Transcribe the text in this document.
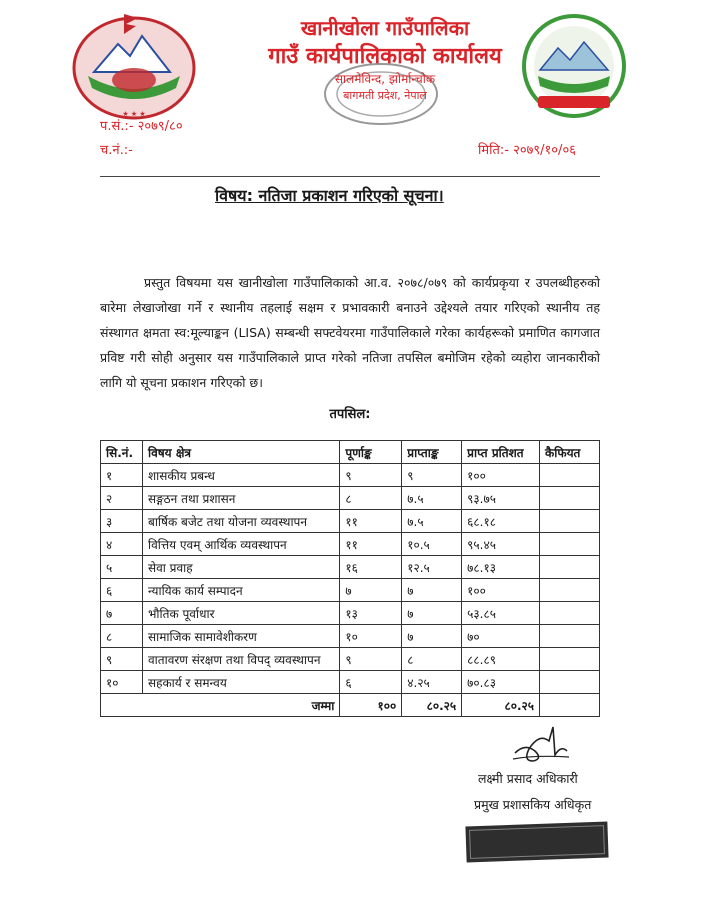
★ ★ ★
खानीखोला गाउँपालिका
गाउँ कार्यपालिकाको कार्यालय
सालमेविन्द, झोर्मान्चोक
बागमती प्रदेश, नेपाल
प.सं.:- २०७९/८०
च.नं.:-	मिति:- २०७९/१०/०६
विषय: नतिजा प्रकाशन गरिएको सूचना।
प्रस्तुत विषयमा यस खानीखोला गाउँपालिकाको आ.व. २०७८/०७९ को कार्यप्रकृया र उपलब्धीहरुको बारेमा लेखाजोखा गर्ने र स्थानीय तहलाई सक्षम र प्रभावकारी बनाउने उद्देश्यले तयार गरिएको स्थानीय तह संस्थागत क्षमता स्व:मूल्याङ्कन (LISA) सम्बन्धी सफ्टवेयरमा गाउँपालिकाले गरेका कार्यहरूको प्रमाणित कागजात प्रविष्ट गरी सोही अनुसार यस गाउँपालिकाले प्राप्त गरेको नतिजा तपसिल बमोजिम रहेको व्यहोरा जानकारीको लागि यो सूचना प्रकाशन गरिएको छ।
तपसिल:
सि.नं.	विषय क्षेत्र	पूर्णाङ्क	प्राप्ताङ्क	प्राप्त प्रतिशत	कैफियत
१	शासकीय प्रबन्ध	९	९	१००	
२	सङ्गठन तथा प्रशासन	८	७.५	९३.७५	
३	बार्षिक बजेट तथा योजना व्यवस्थापन	११	७.५	६८.१८	
४	वित्तिय एवम् आर्थिक व्यवस्थापन	११	१०.५	९५.४५	
५	सेवा प्रवाह	१६	१२.५	७८.१३	
६	न्यायिक कार्य सम्पादन	७	७	१००	
७	भौतिक पूर्वाधार	१३	७	५३.८५	
८	सामाजिक सामावेशीकरण	१०	७	७०	
९	वातावरण संरक्षण तथा विपद् व्यवस्थापन	९	८	८८.८९	
१०	सहकार्य र समन्वय	६	४.२५	७०.८३	
जम्मा		१००	८०.२५	८०.२५	
लक्ष्मी प्रसाद अधिकारी
प्रमुख प्रशासकिय अधिकृत
